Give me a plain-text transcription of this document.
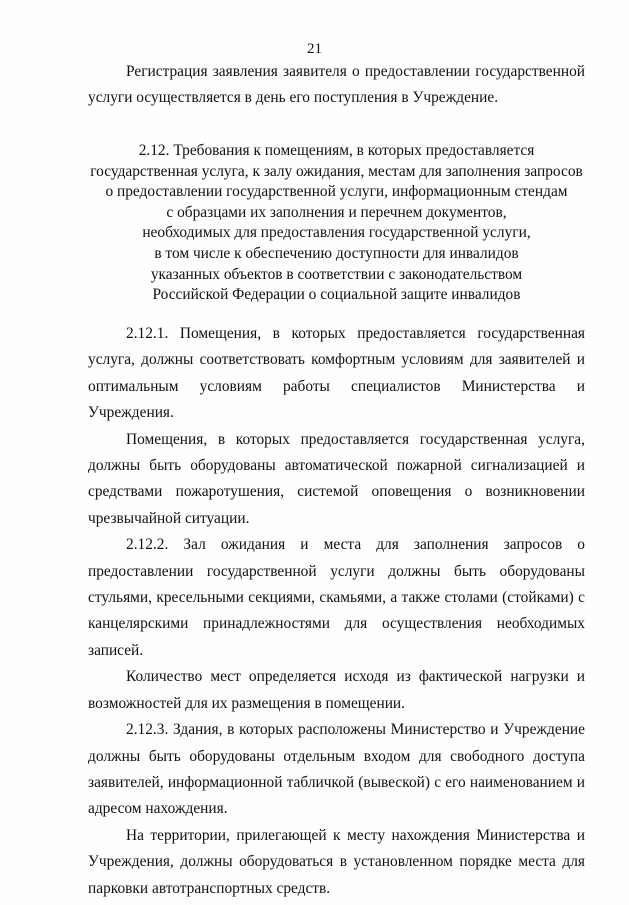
21

Регистрация заявления заявителя о предоставлении государственной услуги осуществляется в день его поступления в Учреждение.

2.12. Требования к помещениям, в которых предоставляется
государственная услуга, к залу ожидания, местам для заполнения запросов
о предоставлении государственной услуги, информационным стендам
с образцами их заполнения и перечнем документов,
необходимых для предоставления государственной услуги,
в том числе к обеспечению доступности для инвалидов
указанных объектов в соответствии с законодательством
Российской Федерации о социальной защите инвалидов

2.12.1. Помещения, в которых предоставляется государственная услуга, должны соответствовать комфортным условиям для заявителей и оптимальным условиям работы специалистов Министерства и Учреждения.

Помещения, в которых предоставляется государственная услуга, должны быть оборудованы автоматической пожарной сигнализацией и средствами пожаротушения, системой оповещения о возникновении чрезвычайной ситуации.

2.12.2. Зал ожидания и места для заполнения запросов о предоставлении государственной услуги должны быть оборудованы стульями, кресельными секциями, скамьями, а также столами (стойками) с канцелярскими принадлежностями для осуществления необходимых записей.

Количество мест определяется исходя из фактической нагрузки и возможностей для их размещения в помещении.

2.12.3. Здания, в которых расположены Министерство и Учреждение должны быть оборудованы отдельным входом для свободного доступа заявителей, информационной табличкой (вывеской) с его наименованием и адресом нахождения.

На территории, прилегающей к месту нахождения Министерства и Учреждения, должны оборудоваться в установленном порядке места для парковки автотранспортных средств.
